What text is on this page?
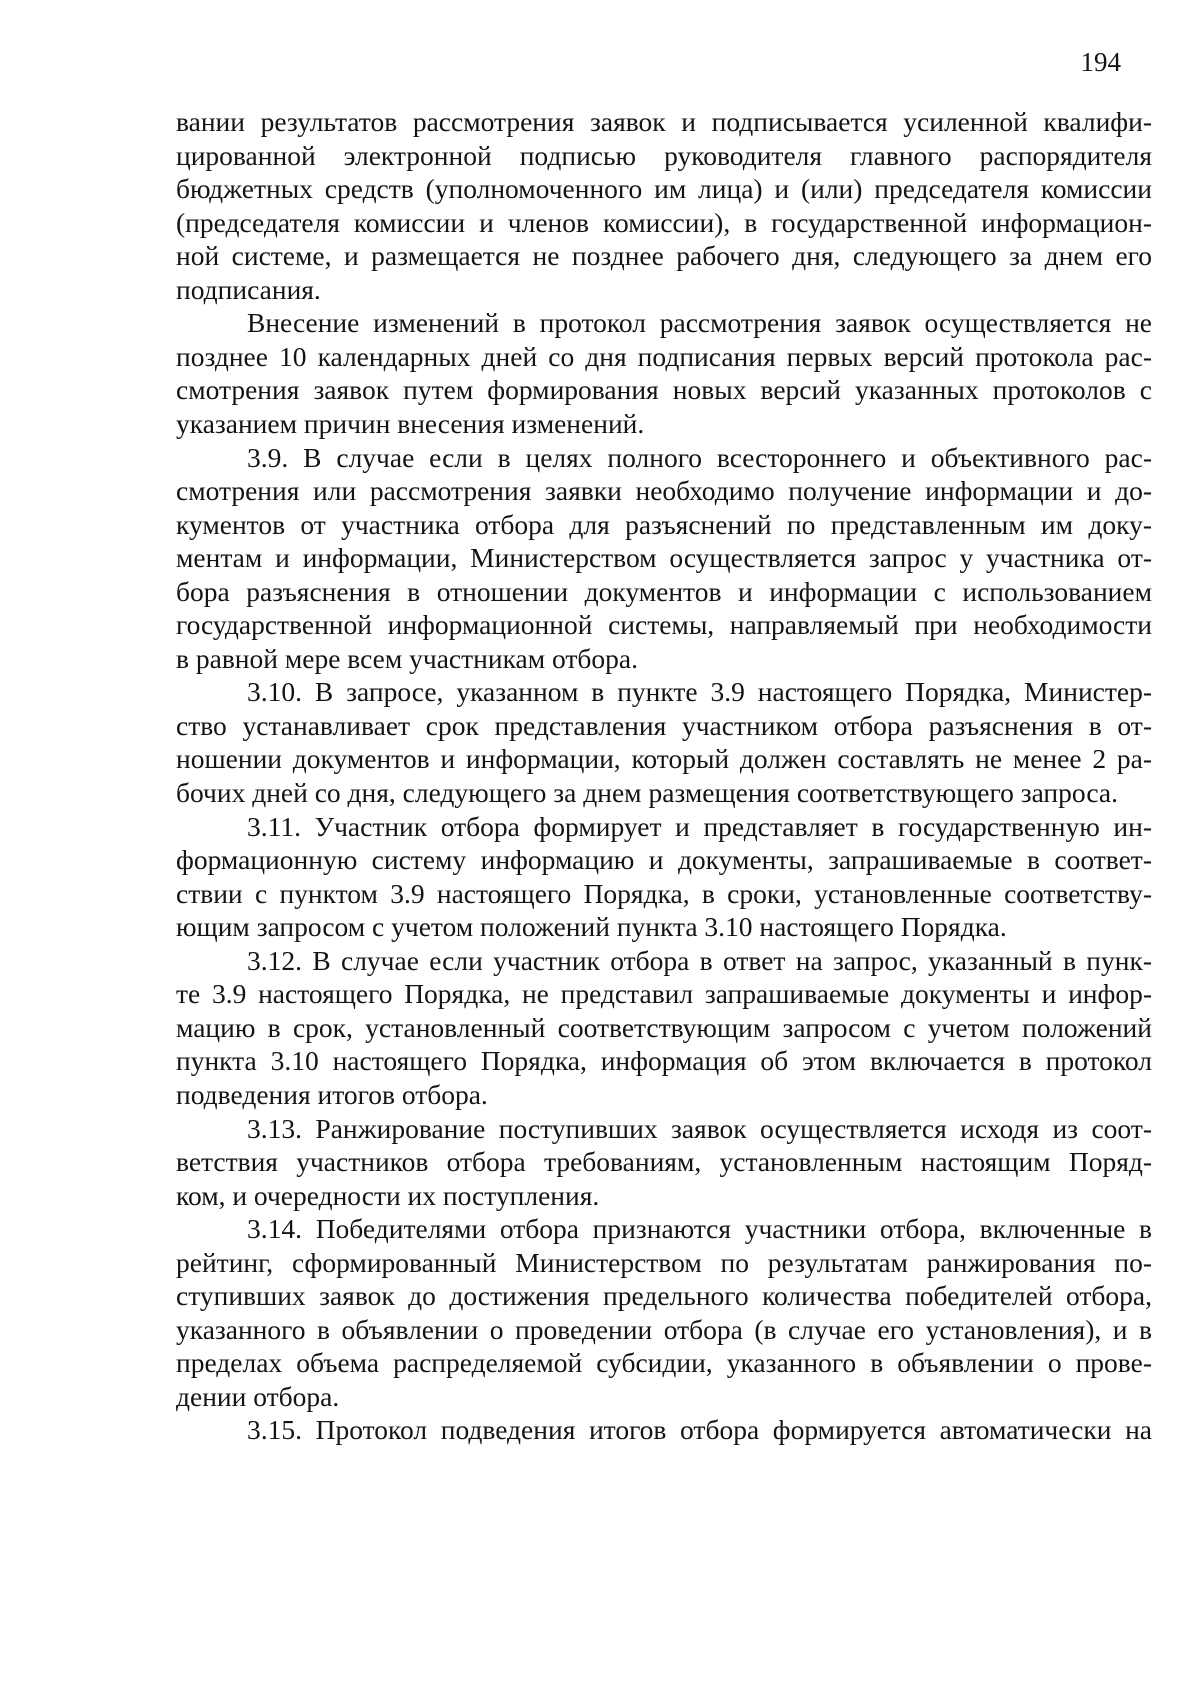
194
вании результатов рассмотрения заявок и подписывается усиленной квалифи-
цированной электронной подписью руководителя главного распорядителя
бюджетных средств (уполномоченного им лица) и (или) председателя комиссии
(председателя комиссии и членов комиссии), в государственной информацион-
ной системе, и размещается не позднее рабочего дня, следующего за днем его
подписания.
Внесение изменений в протокол рассмотрения заявок осуществляется не
позднее 10 календарных дней со дня подписания первых версий протокола рас-
смотрения заявок путем формирования новых версий указанных протоколов с
указанием причин внесения изменений.
3.9. В случае если в целях полного всестороннего и объективного рас-
смотрения или рассмотрения заявки необходимо получение информации и до-
кументов от участника отбора для разъяснений по представленным им доку-
ментам и информации, Министерством осуществляется запрос у участника от-
бора разъяснения в отношении документов и информации с использованием
государственной информационной системы, направляемый при необходимости
в равной мере всем участникам отбора.
3.10. В запросе, указанном в пункте 3.9 настоящего Порядка, Министер-
ство устанавливает срок представления участником отбора разъяснения в от-
ношении документов и информации, который должен составлять не менее 2 ра-
бочих дней со дня, следующего за днем размещения соответствующего запроса.
3.11. Участник отбора формирует и представляет в государственную ин-
формационную систему информацию и документы, запрашиваемые в соответ-
ствии с пунктом 3.9 настоящего Порядка, в сроки, установленные соответству-
ющим запросом с учетом положений пункта 3.10 настоящего Порядка.
3.12. В случае если участник отбора в ответ на запрос, указанный в пунк-
те 3.9 настоящего Порядка, не представил запрашиваемые документы и инфор-
мацию в срок, установленный соответствующим запросом с учетом положений
пункта 3.10 настоящего Порядка, информация об этом включается в протокол
подведения итогов отбора.
3.13. Ранжирование поступивших заявок осуществляется исходя из соот-
ветствия участников отбора требованиям, установленным настоящим Поряд-
ком, и очередности их поступления.
3.14. Победителями отбора признаются участники отбора, включенные в
рейтинг, сформированный Министерством по результатам ранжирования по-
ступивших заявок до достижения предельного количества победителей отбора,
указанного в объявлении о проведении отбора (в случае его установления), и в
пределах объема распределяемой субсидии, указанного в объявлении о прове-
дении отбора.
3.15. Протокол подведения итогов отбора формируется автоматически на
